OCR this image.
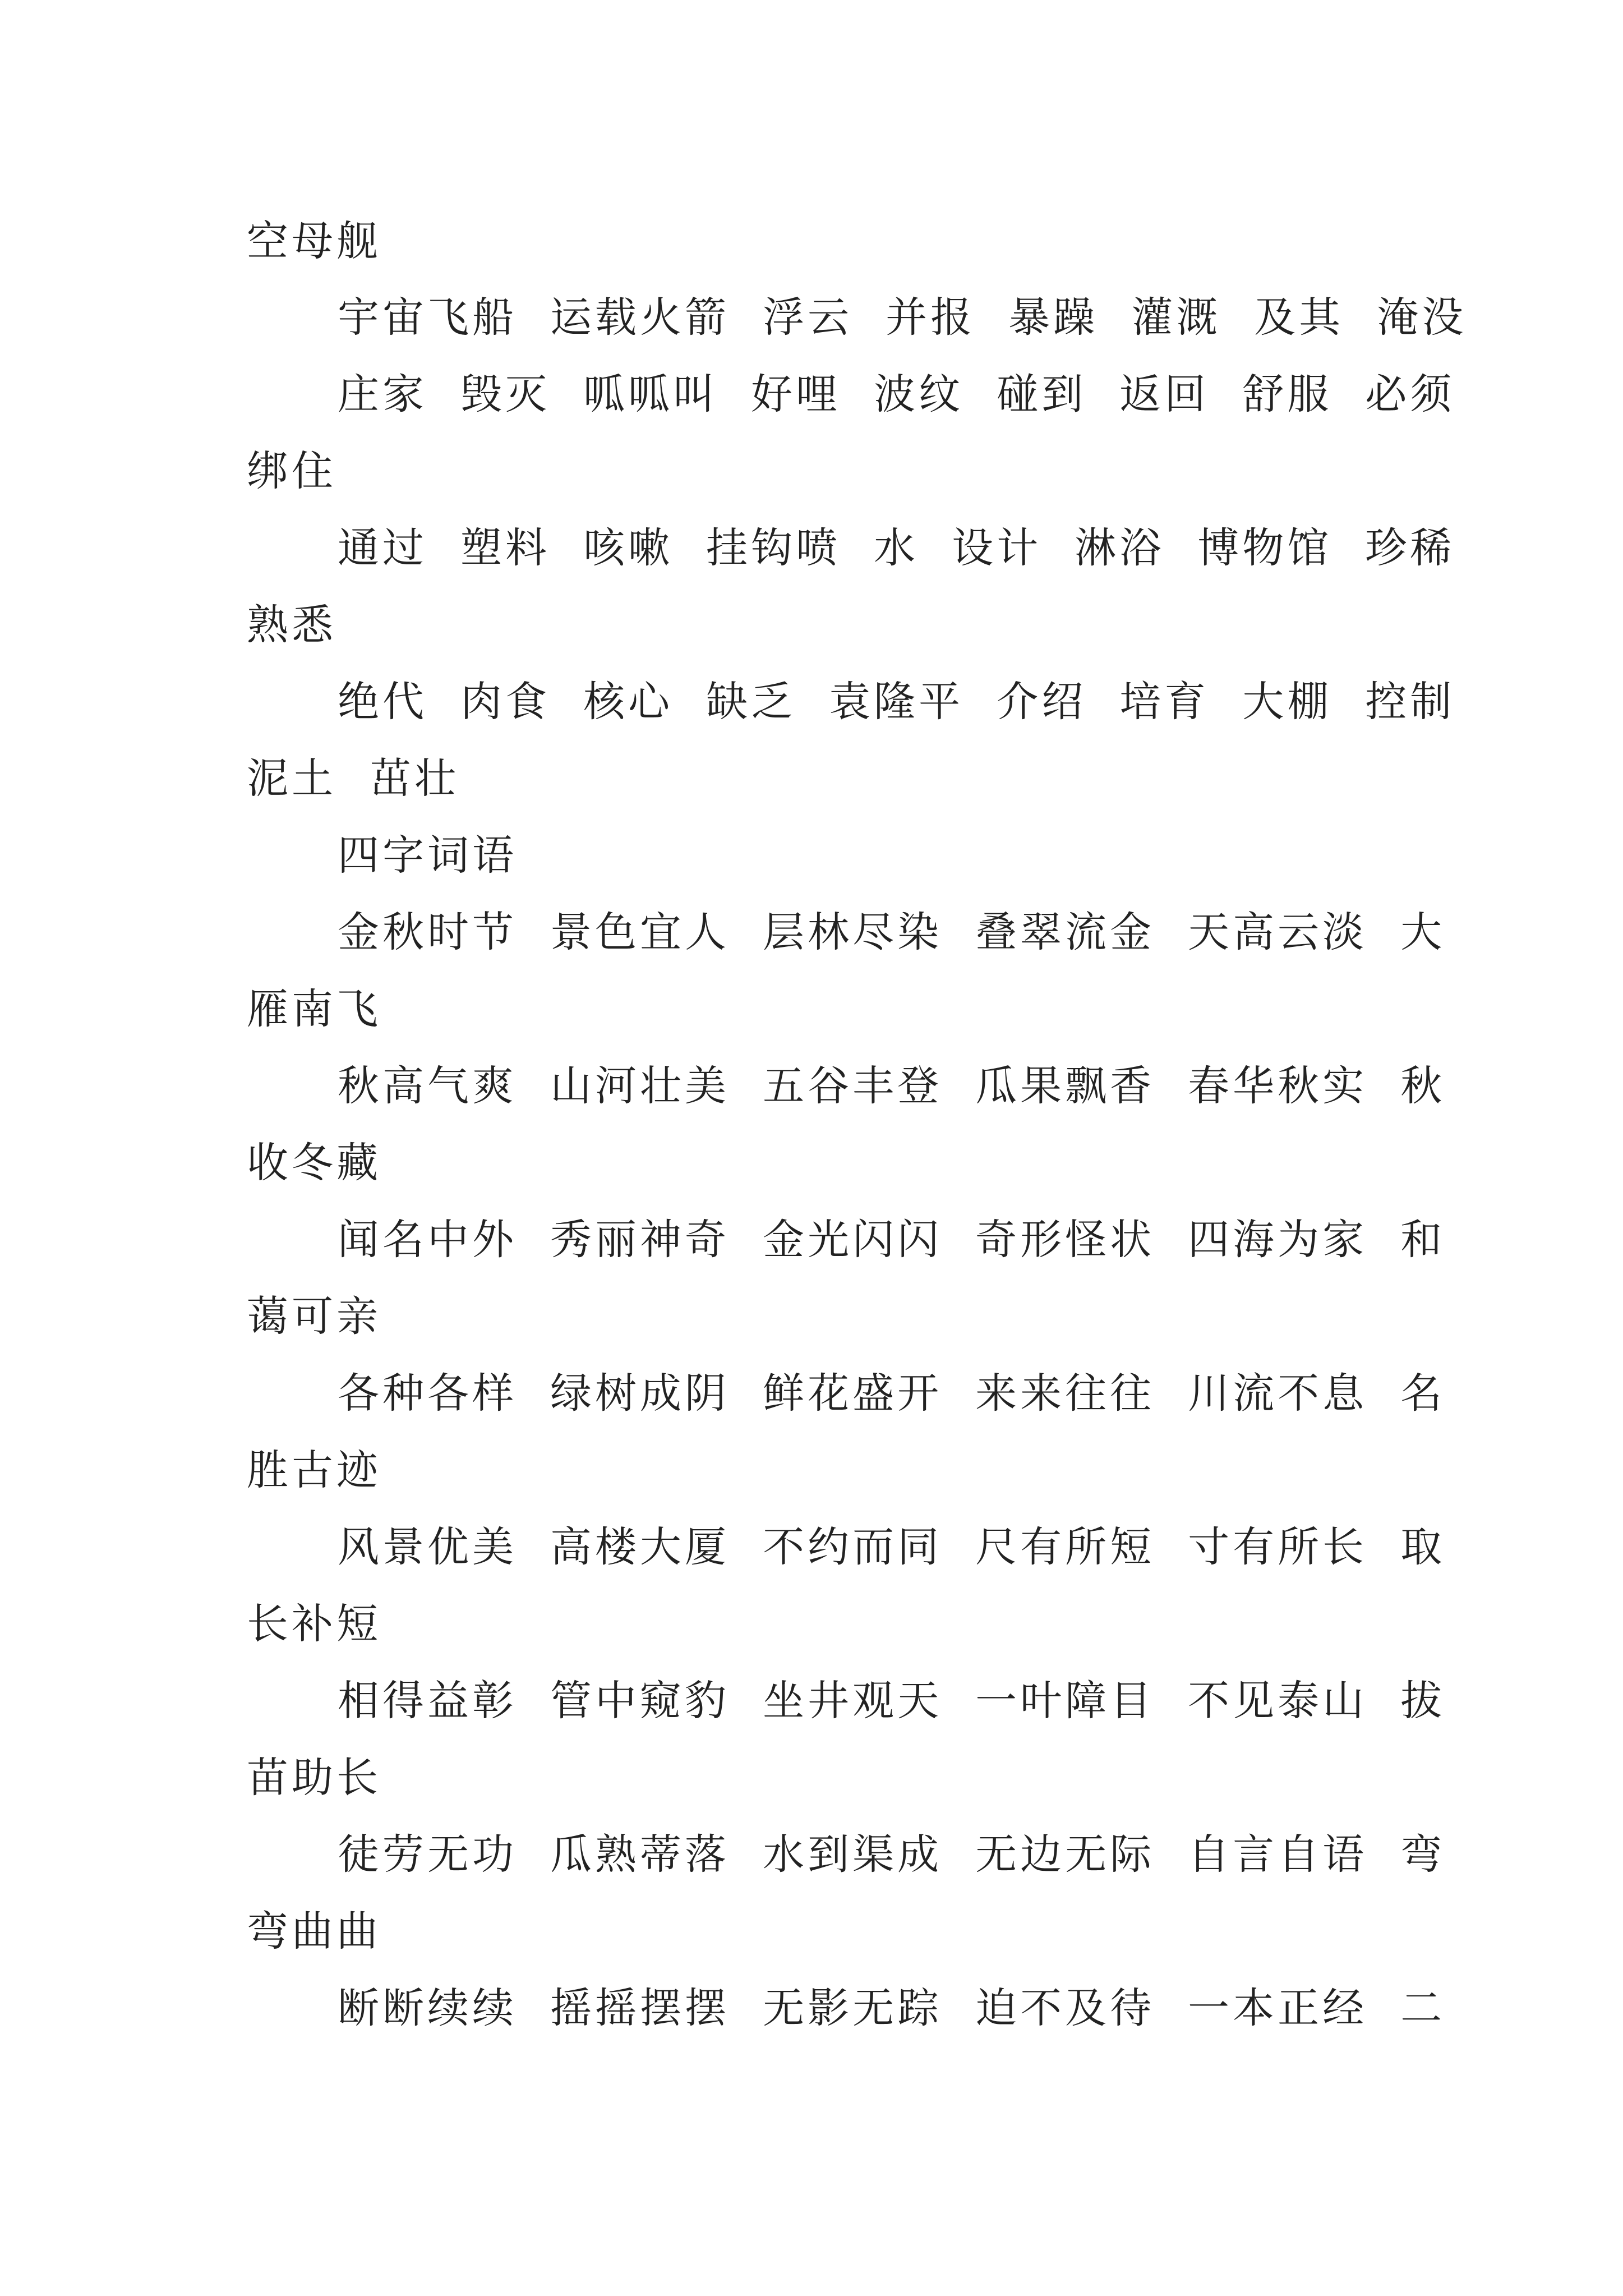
空母舰
宇宙飞船  运载火箭  浮云  并报  暴躁  灌溉  及其  淹没
庄家  毁灭  呱呱叫  好哩  波纹  碰到  返回  舒服  必须
绑住
通过  塑料  咳嗽  挂钩喷  水  设计  淋浴  博物馆  珍稀
熟悉
绝代  肉食  核心  缺乏  袁隆平  介绍  培育  大棚  控制
泥土  茁壮
四字词语
金秋时节  景色宜人  层林尽染  叠翠流金  天高云淡  大
雁南飞
秋高气爽  山河壮美  五谷丰登  瓜果飘香  春华秋实  秋
收冬藏
闻名中外  秀丽神奇  金光闪闪  奇形怪状  四海为家  和
蔼可亲
各种各样  绿树成阴  鲜花盛开  来来往往  川流不息  名
胜古迹
风景优美  高楼大厦  不约而同  尺有所短  寸有所长  取
长补短
相得益彰  管中窥豹  坐井观天  一叶障目  不见泰山  拔
苗助长
徒劳无功  瓜熟蒂落  水到渠成  无边无际  自言自语  弯
弯曲曲
断断续续  摇摇摆摆  无影无踪  迫不及待  一本正经  二
